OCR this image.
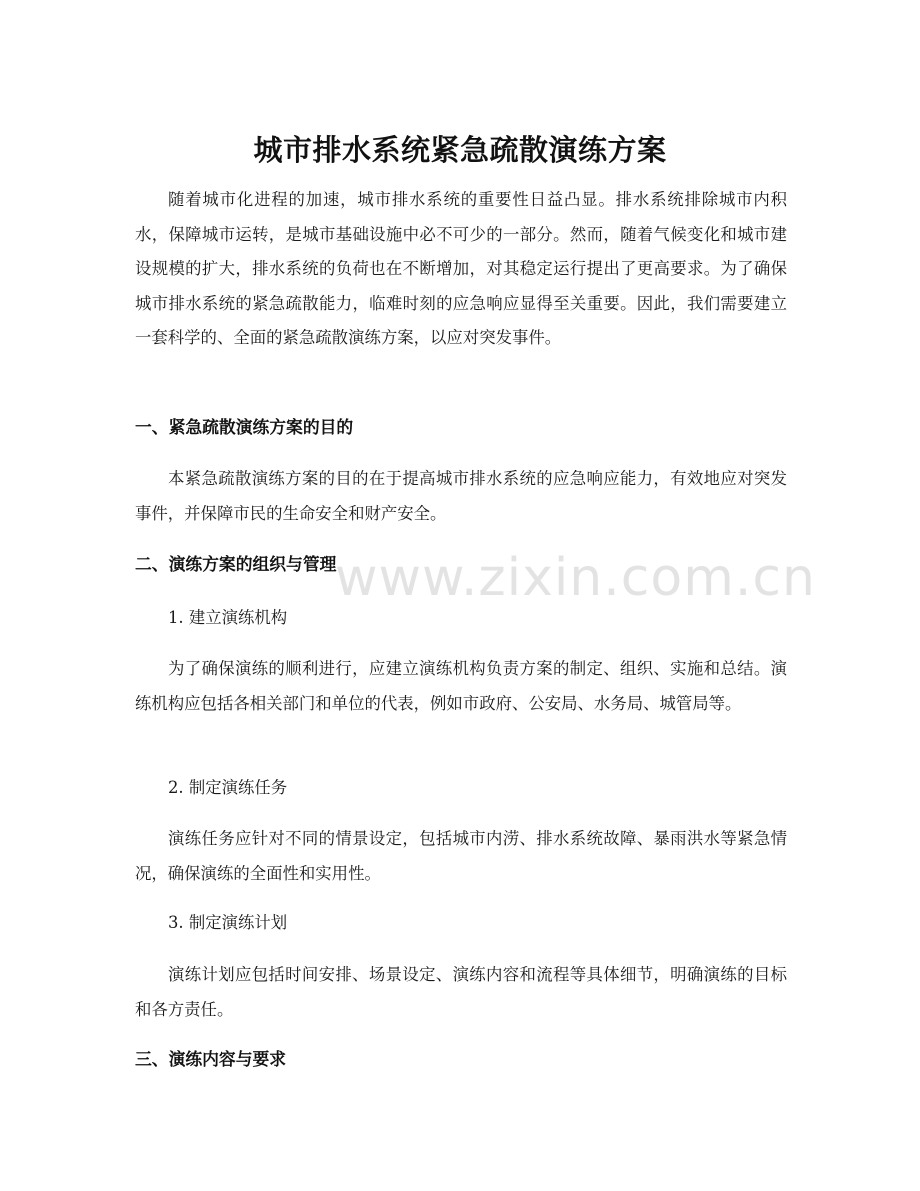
www.zixin.com.cn
城市排水系统紧急疏散演练方案

随着城市化进程的加速，城市排水系统的重要性日益凸显。排水系统排除城市内积水，保障城市运转，是城市基础设施中必不可少的一部分。然而，随着气候变化和城市建设规模的扩大，排水系统的负荷也在不断增加，对其稳定运行提出了更高要求。为了确保城市排水系统的紧急疏散能力，临难时刻的应急响应显得至关重要。因此，我们需要建立一套科学的、全面的紧急疏散演练方案，以应对突发事件。

一、紧急疏散演练方案的目的

本紧急疏散演练方案的目的在于提高城市排水系统的应急响应能力，有效地应对突发事件，并保障市民的生命安全和财产安全。

二、演练方案的组织与管理

1. 建立演练机构

为了确保演练的顺利进行，应建立演练机构负责方案的制定、组织、实施和总结。演练机构应包括各相关部门和单位的代表，例如市政府、公安局、水务局、城管局等。

2. 制定演练任务

演练任务应针对不同的情景设定，包括城市内涝、排水系统故障、暴雨洪水等紧急情况，确保演练的全面性和实用性。

3. 制定演练计划

演练计划应包括时间安排、场景设定、演练内容和流程等具体细节，明确演练的目标和各方责任。

三、演练内容与要求
